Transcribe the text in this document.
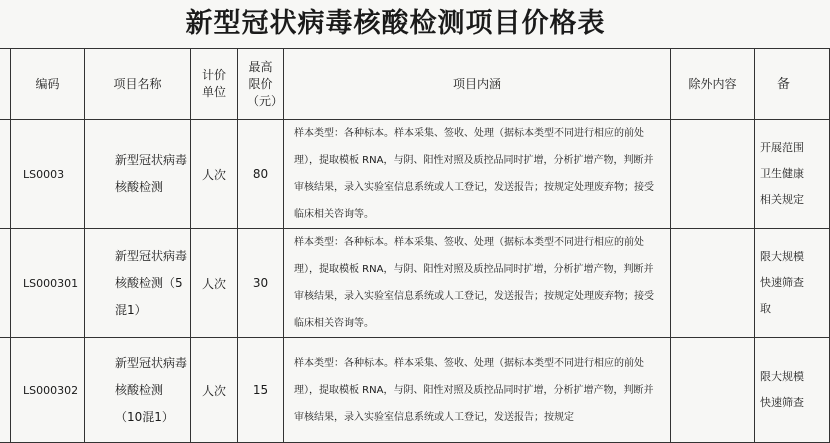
新型冠状病毒核酸检测项目价格表
	编码	项目名称	计价单位	最高限价（元）	项目内涵	除外内容	备
	LS0003	新型冠状病毒核酸检测	人次	80	样本类型：各种标本。样本采集、签收、处理（据标本类型不同进行相应的前处理），提取模板 RNA，与阴、阳性对照及质控品同时扩增，分析扩增产物，判断并审核结果，录入实验室信息系统或人工登记，发送报告；按规定处理废弃物；接受临床相关咨询等。		开展范围
卫生健康
相关规定

	LS000301	新型冠状病毒核酸检测（5混1）	人次	30	样本类型：各种标本。样本采集、签收、处理（据标本类型不同进行相应的前处理），提取模板 RNA，与阴、阳性对照及质控品同时扩增，分析扩增产物，判断并审核结果，录入实验室信息系统或人工登记，发送报告；按规定处理废弃物；接受临床相关咨询等。		限大规模
快速筛查
取

	LS000302	新型冠状病毒核酸检测（10混1）	人次	15	样本类型：各种标本。样本采集、签收、处理（据标本类型不同进行相应的前处理），提取模板 RNA，与阴、阳性对照及质控品同时扩增，分析扩增产物，判断并审核结果，录入实验室信息系统或人工登记，发送报告；按规定		限大规模
快速筛查
